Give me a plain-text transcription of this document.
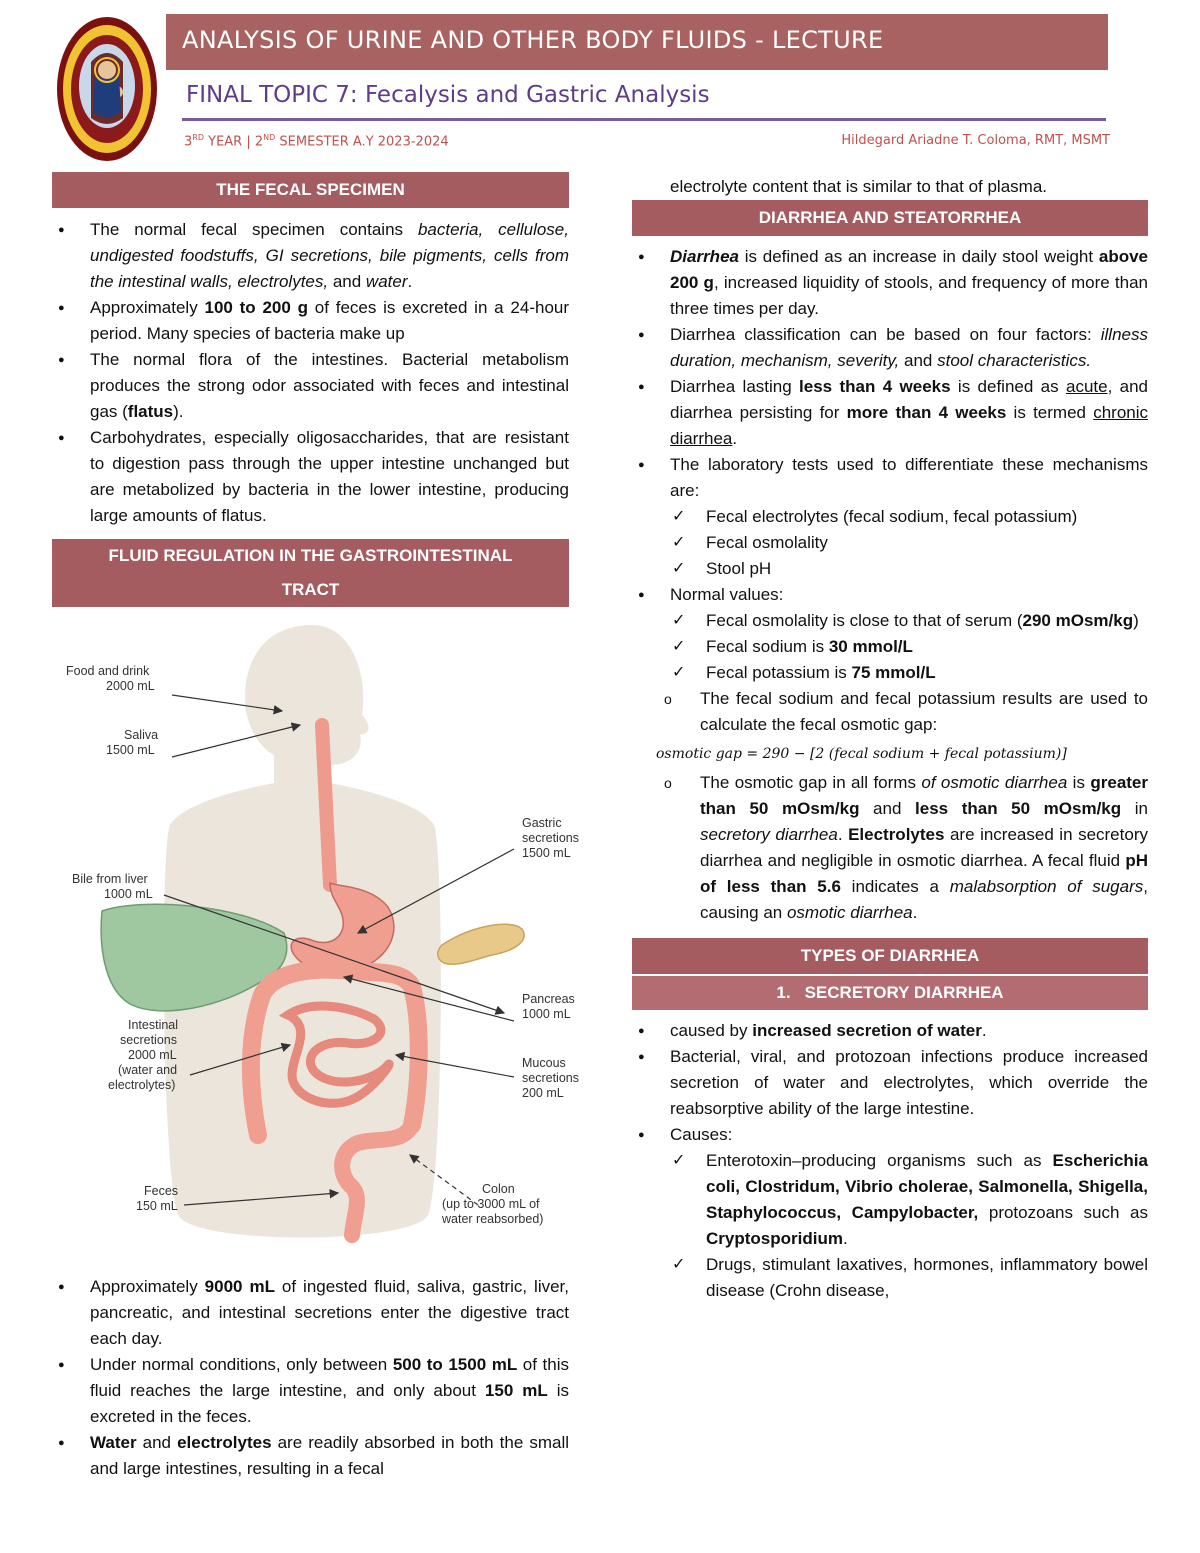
ANALYSIS OF URINE AND OTHER BODY FLUIDS - LECTURE
FINAL TOPIC 7: Fecalysis and Gastric Analysis
3RD YEAR | 2ND SEMESTER A.Y 2023-2024	Hildegard Ariadne T. Coloma, RMT, MSMT
THE FECAL SPECIMEN
● The normal fecal specimen contains bacteria, cellulose, undigested foodstuffs, GI secretions, bile pigments, cells from the intestinal walls, electrolytes, and water.
● Approximately 100 to 200 g of feces is excreted in a 24-hour period. Many species of bacteria make up
● The normal flora of the intestines. Bacterial metabolism produces the strong odor associated with feces and intestinal gas (flatus).
● Carbohydrates, especially oligosaccharides, that are resistant to digestion pass through the upper intestine unchanged but are metabolized by bacteria in the lower intestine, producing large amounts of flatus.
FLUID REGULATION IN THE GASTROINTESTINAL
TRACT
Food and drink
2000 mL
Saliva
1500 mL
Gastric
secretions
1500 mL
Bile from liver
1000 mL
Pancreas
1000 mL
Intestinal
secretions
2000 mL
(water and
electrolytes)
Mucous
secretions
200 mL
Feces
150 mL
Colon
(up to 3000 mL of
water reabsorbed)
● Approximately 9000 mL of ingested fluid, saliva, gastric, liver, pancreatic, and intestinal secretions enter the digestive tract each day.
● Under normal conditions, only between 500 to 1500 mL of this fluid reaches the large intestine, and only about 150 mL is excreted in the feces.
● Water and electrolytes are readily absorbed in both the small and large intestines, resulting in a fecal
electrolyte content that is similar to that of plasma.
DIARRHEA AND STEATORRHEA
● Diarrhea is defined as an increase in daily stool weight above 200 g, increased liquidity of stools, and frequency of more than three times per day.
● Diarrhea classification can be based on four factors: illness duration, mechanism, severity, and stool characteristics.
● Diarrhea lasting less than 4 weeks is defined as acute, and diarrhea persisting for more than 4 weeks is termed chronic diarrhea.
● The laboratory tests used to differentiate these mechanisms are:
✓ Fecal electrolytes (fecal sodium, fecal potassium)
✓ Fecal osmolality
✓ Stool pH
● Normal values:
✓ Fecal osmolality is close to that of serum (290 mOsm/kg)
✓ Fecal sodium is 30 mmol/L
✓ Fecal potassium is 75 mmol/L
o The fecal sodium and fecal potassium results are used to calculate the fecal osmotic gap:
osmotic gap = 290 − [2 (fecal sodium + fecal potassium)]
o The osmotic gap in all forms of osmotic diarrhea is greater than 50 mOsm/kg and less than 50 mOsm/kg in secretory diarrhea. Electrolytes are increased in secretory diarrhea and negligible in osmotic diarrhea. A fecal fluid pH of less than 5.6 indicates a malabsorption of sugars, causing an osmotic diarrhea.
TYPES OF DIARRHEA
1. SECRETORY DIARRHEA
● caused by increased secretion of water.
● Bacterial, viral, and protozoan infections produce increased secretion of water and electrolytes, which override the reabsorptive ability of the large intestine.
● Causes:
✓ Enterotoxin–producing organisms such as Escherichia coli, Clostridum, Vibrio cholerae, Salmonella, Shigella, Staphylococcus, Campylobacter, protozoans such as Cryptosporidium.
✓ Drugs, stimulant laxatives, hormones, inflammatory bowel disease (Crohn disease,
